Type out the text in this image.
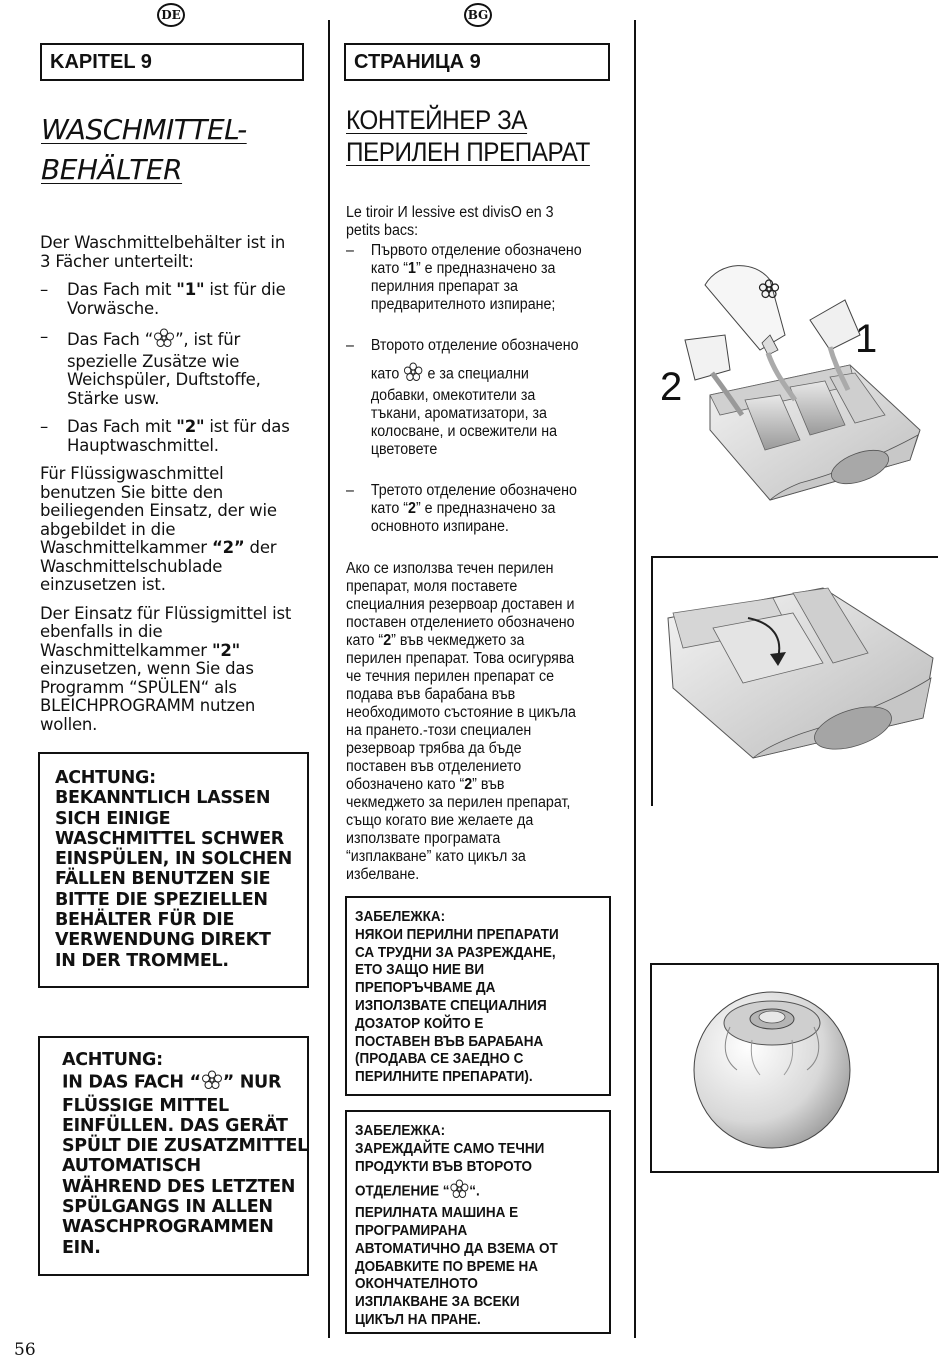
DE	BG
KAPITEL 9
WASCHMITTEL-
BEHÄLTER

Der Waschmittelbehälter ist in
3 Fächer unterteilt:

– Das Fach mit "1" ist für die
Vorwäsche.
– Das Fach “ ”, ist für
spezielle Zusätze wie
Weichspüler, Duftstoffe,
Stärke usw.
– Das Fach mit "2" ist für das
Hauptwaschmittel.

Für Flüssigwaschmittel
benutzen Sie bitte den
beiliegenden Einsatz, der wie
abgebildet in die
Waschmittelkammer “2” der
Waschmittelschublade
einzusetzen ist.

Der Einsatz für Flüssigmittel ist
ebenfalls in die
Waschmittelkammer "2"
einzusetzen, wenn Sie das
Programm “SPÜLEN“ als
BLEICHPROGRAMM nutzen
wollen.

ACHTUNG:
BEKANNTLICH LASSEN
SICH EINIGE
WASCHMITTEL SCHWER
EINSPÜLEN, IN SOLCHEN
FÄLLEN BENUTZEN SIE
BITTE DIE SPEZIELLEN
BEHÄLTER FÜR DIE
VERWENDUNG DIREKT
IN DER TROMMEL.
ACHTUNG:
IN DAS FACH “ ” NUR
FLÜSSIGE MITTEL
EINFÜLLEN. DAS GERÄT
SPÜLT DIE ZUSATZMITTEL
AUTOMATISCH
WÄHREND DES LETZTEN
SPÜLGANGS IN ALLEN
WASCHPROGRAMMEN
EIN.
СТРАНИЦА 9
КОНТЕЙНЕР ЗА
ПЕРИЛЕН ПРЕПАРАТ

Le tiroir И lessive est divisO en 3
petits bacs:

– Първото отделение обозначено
като “1” е предназначено за
перилния препарат за
предварителното изпиране;
– Второто отделение обозначено

като  е за специални
добавки, омекотители за
тъкани, ароматизатори, за
колосване, и освежители на
цветовете
– Третото отделение обозначено
като “2” е предназначено за
основното изпиране.

Ако се използва течен перилен
препарат, моля поставете
специалния резервоар доставен и
поставен отделението обозначено
като “2” във чекмеджето за
перилен препарат. Това осигурява
че течния перилен препарат се
подава във барабана във
необходимото състояние в цикъла
на прането.-този специален
резервоар трябва да бъде
поставен във отделението
обозначено като “2” във
чекмеджето за перилен препарат,
също когато вие желаете да
използвате програмата
“изплакване” като цикъл за
избелване.

ЗАБЕЛЕЖКА:
НЯКОИ ПЕРИЛНИ ПРЕПАРАТИ
СА ТРУДНИ ЗА РАЗРЕЖДАНЕ,
ЕТО ЗАЩО НИЕ ВИ
ПРЕПОРЪЧВАМЕ ДА
ИЗПОЛЗВАТЕ СПЕЦИАЛНИЯ
ДОЗАТОР КОЙТО Е
ПОСТАВЕН ВЪВ БАРАБАНА
(ПРОДАВА СЕ ЗАЕДНО С
ПЕРИЛНИТЕ ПРЕПАРАТИ).
ЗАБЕЛЕЖКА:
ЗАРЕЖДАЙТЕ САМО ТЕЧНИ
ПРОДУКТИ ВЪВ ВТОРОТО
ОТДЕЛЕНИЕ “ “.
ПЕРИЛНАТА МАШИНА Е
ПРОГРАМИРАНА
АВТОМАТИЧНО ДА ВЗЕМА ОТ
ДОБАВКИТЕ ПО ВРЕМЕ НА
ОКОНЧАТЕЛНОТО
ИЗПЛАКВАНЕ ЗА ВСЕКИ
ЦИКЪЛ НА ПРАНЕ.
1
2
56
